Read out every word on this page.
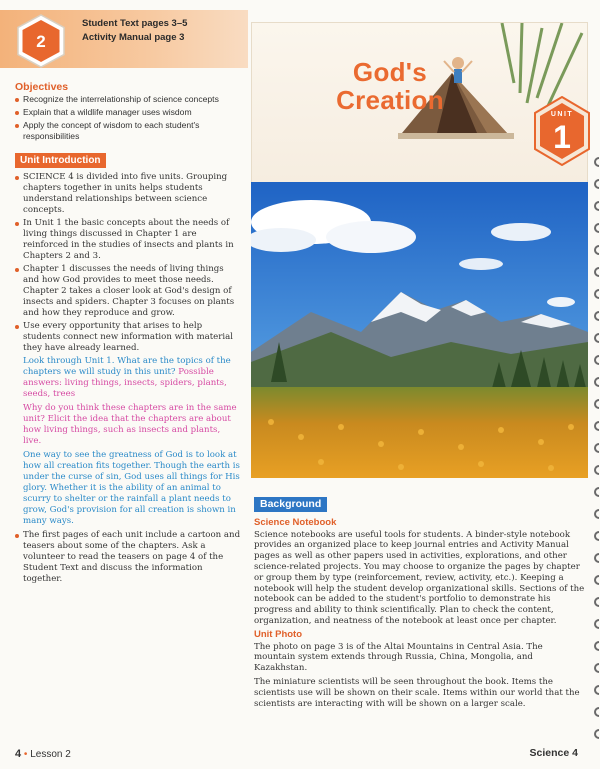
2
Student Text pages 3–5
Activity Manual page 3
Objectives
Recognize the interrelationship of science concepts
Explain that a wildlife manager uses wisdom
Apply the concept of wisdom to each student's responsibilities
Unit Introduction
SCIENCE 4 is divided into five units. Grouping chapters together in units helps students understand relationships between science concepts.
In Unit 1 the basic concepts about the needs of living things discussed in Chapter 1 are reinforced in the studies of insects and plants in Chapters 2 and 3.
Chapter 1 discusses the needs of living things and how God provides to meet those needs. Chapter 2 takes a closer look at God's design of insects and spiders. Chapter 3 focuses on plants and how they reproduce and grow.
Use every opportunity that arises to help students connect new information with material they have already learned.
Look through Unit 1. What are the topics of the chapters we will study in this unit? Possible answers: living things, insects, spiders, plants, seeds, trees
Why do you think these chapters are in the same unit? Elicit the idea that the chapters are about how living things, such as insects and plants, live.
One way to see the greatness of God is to look at how all creation fits together. Though the earth is under the curse of sin, God uses all things for His glory. Whether it is the ability of an animal to scurry to shelter or the rainfall a plant needs to grow, God's provision for all creation is shown in many ways.
The first pages of each unit include a cartoon and teasers about some of the chapters. Ask a volunteer to read the teasers on page 4 of the Student Text and discuss the information together.
God's
Creation	UNIT
1
Background
Science Notebook
Science notebooks are useful tools for students. A binder-style notebook provides an organized place to keep journal entries and Activity Manual pages as well as other papers used in activities, explorations, and other science-related projects. You may choose to organize the pages by chapter or group them by type (reinforcement, review, activity, etc.). Keeping a notebook will help the student develop organizational skills. Sections of the notebook can be added to the student's portfolio to demonstrate his progress and ability to think scientifically. Plan to check the content, organization, and neatness of the notebook at least once per chapter.
Unit Photo
The photo on page 3 is of the Altai Mountains in Central Asia. The mountain system extends through Russia, China, Mongolia, and Kazakhstan.
The miniature scientists will be seen throughout the book. Items the scientists use will be shown on their scale. Items within our world that the scientists are interacting with will be shown on a larger scale.
4 • Lesson 2	Science 4
